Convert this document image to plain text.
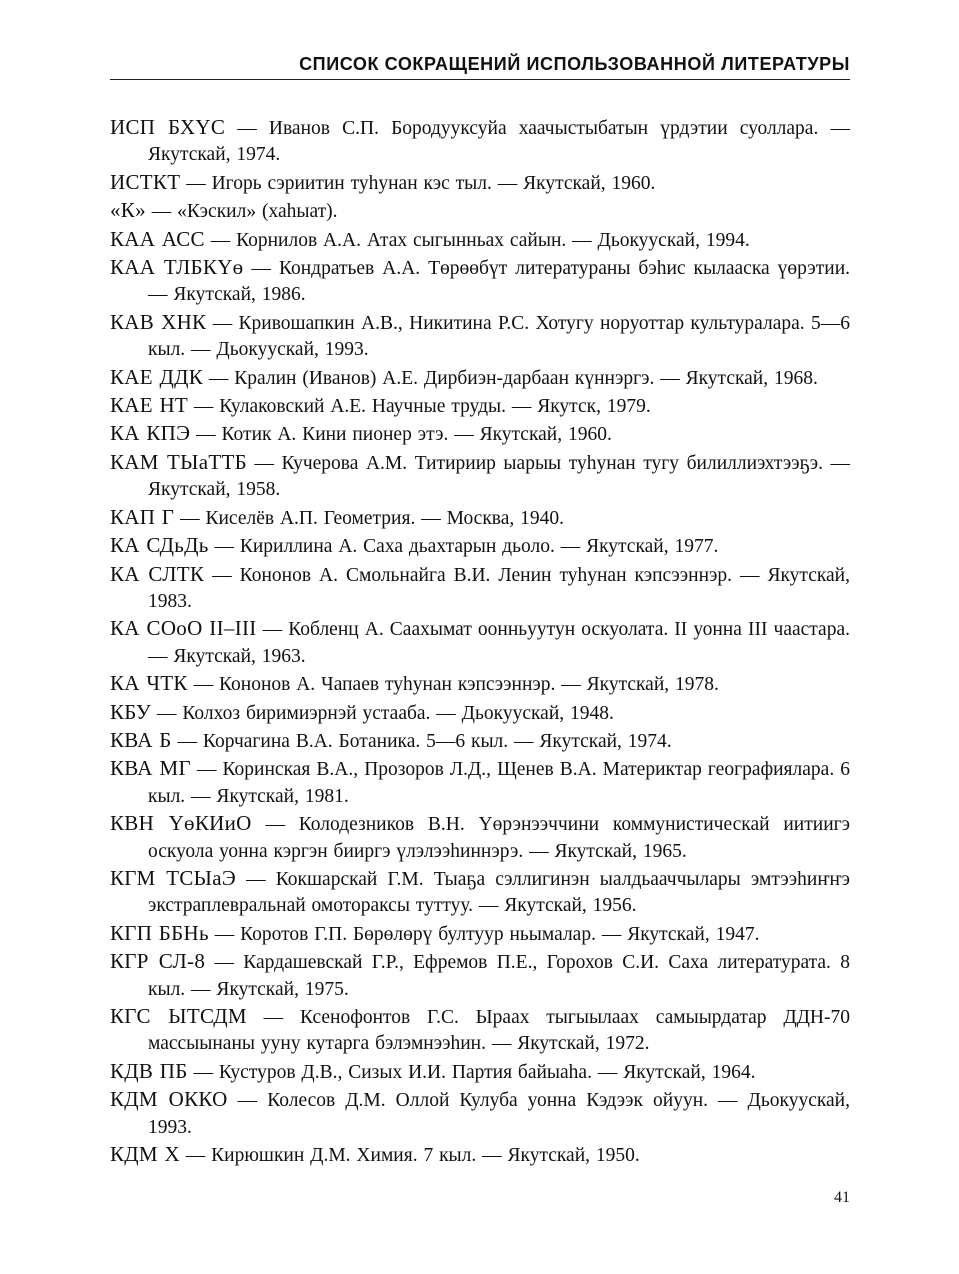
СПИСОК СОКРАЩЕНИЙ ИСПОЛЬЗОВАННОЙ ЛИТЕРАТУРЫ

ИСП БХҮС — Иванов С.П. Бородууксуйа хаачыстыбатын үрдэтии суоллара. — Якутскай, 1974.

ИСТКТ — Игорь сэриитин туһунан кэс тыл. — Якутскай, 1960.

«К» — «Кэскил» (хаһыат).

КАА АСС — Корнилов А.А. Атах сыгынньах сайын. — Дьокуускай, 1994.

КАА ТЛБКҮө — Кондратьев А.А. Төрөөбүт литератураны бэһис кылааска үөрэтии. — Якутскай, 1986.

КАВ ХНК — Кривошапкин А.В., Никитина Р.С. Хотугу норуоттар культуралара. 5—6 кыл. — Дьокуускай, 1993.

КАЕ ДДК — Кралин (Иванов) А.Е. Дирбиэн-дарбаан күннэргэ. — Якутскай, 1968.

КАЕ НТ — Кулаковский А.Е. Научные труды. — Якутск, 1979.

КА КПЭ — Котик А. Кини пионер этэ. — Якутскай, 1960.

КАМ ТЫаТТБ — Кучерова А.М. Титириир ыарыы туһунан тугу билиллиэхтээҕэ. — Якутскай, 1958.

КАП Г — Киселёв А.П. Геометрия. — Москва, 1940.

КА СДьДь — Кириллина А. Саха дьахтарын дьоло. — Якутскай, 1977.

КА СЛТК — Кононов А. Смольнайга В.И. Ленин туһунан кэпсээннэр. — Якутскай, 1983.

КА СОоО II–III — Кобленц А. Саахымат оонньуутун оскуолата. II уонна III чаастара. — Якутскай, 1963.

КА ЧТК — Кононов А. Чапаев туһунан кэпсээннэр. — Якутскай, 1978.

КБУ — Колхоз биримиэрнэй устааба. — Дьокуускай, 1948.

КВА Б — Корчагина В.А. Ботаника. 5—6 кыл. — Якутскай, 1974.

КВА МГ — Коринская В.А., Прозоров Л.Д., Щенев В.А. Материктар географиялара. 6 кыл. — Якутскай, 1981.

КВН ҮөКИиО — Колодезников В.Н. Үөрэнээччини коммунистическай иитиигэ оскуола уонна кэргэн бииргэ үлэлээһиннэрэ. — Якутскай, 1965.

КГМ ТСЫаЭ — Кокшарскай Г.М. Тыаҕа сэллигинэн ыалдьааччылары эмтээһиҥҥэ экстраплевральнай омотораксы туттуу. — Якутскай, 1956.

КГП ББНь — Коротов Г.П. Бөрөлөрү бултуур ньымалар. — Якутскай, 1947.

КГР СЛ-8 — Кардашевскай Г.Р., Ефремов П.Е., Горохов С.И. Саха литературата. 8 кыл. — Якутскай, 1975.

КГС ЫТСДМ — Ксенофонтов Г.С. Ыраах тыгыылаах самыырдатар ДДН-70 массыынаны ууну кутарга бэлэмнээһин. — Якутскай, 1972.

КДВ ПБ — Кустуров Д.В., Сизых И.И. Партия байыаһа. — Якутскай, 1964.

КДМ ОККО — Колесов Д.М. Оллой Кулуба уонна Кэдээк ойуун. — Дьокуускай, 1993.

КДМ Х — Кирюшкин Д.М. Химия. 7 кыл. — Якутскай, 1950.

41
